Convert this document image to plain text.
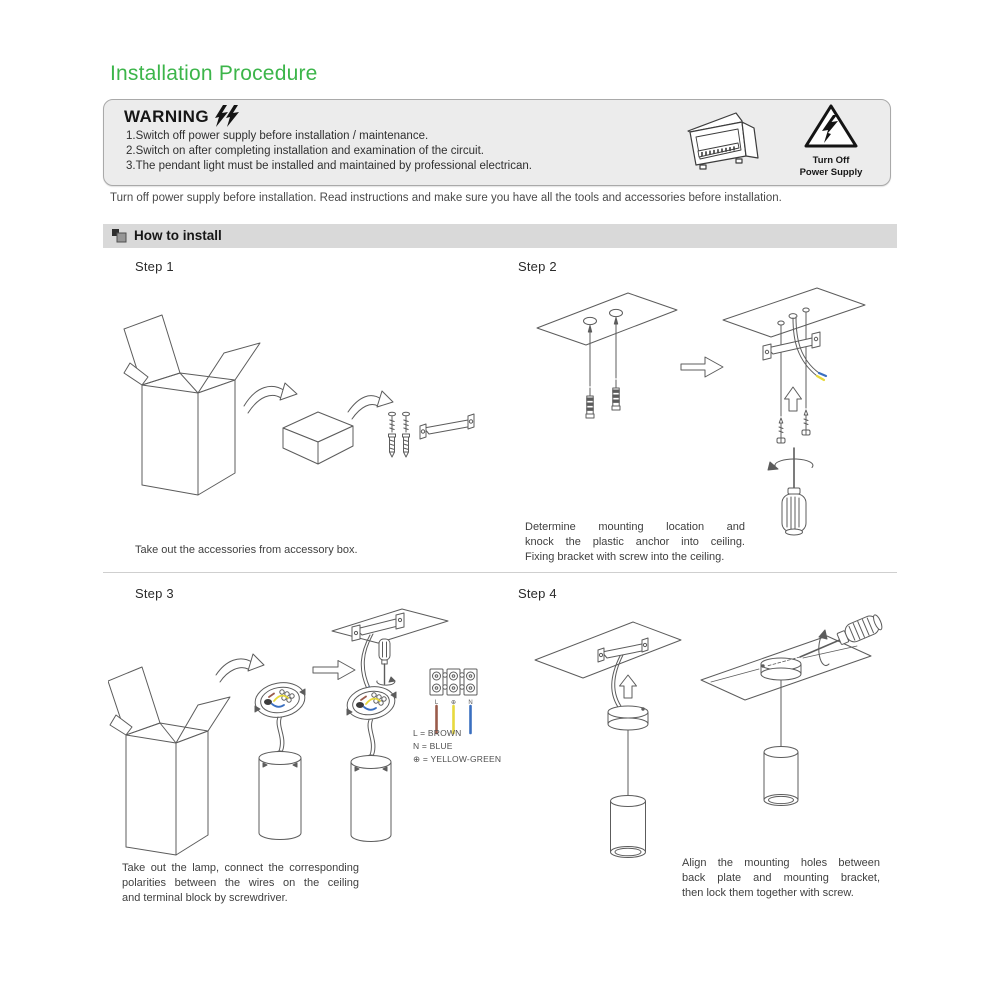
Installation Procedure
WARNING
1.Switch off power supply before installation / maintenance.
2.Switch on after completing installation and examination of the circuit.
3.The pendant light must be installed and maintained by professional electrican.	Turn Off
Power Supply
Turn off power supply before installation. Read instructions and make sure you have all the tools and accessories before installation.
How to install
Step 1	Step 2
Step 3	Step 4
Take out the accessories from accessory box.
Determine mounting location and
knock the plastic anchor into ceiling.
Fixing bracket with screw into the ceiling.
L ⊕ N
L = BROWN
N = BLUE
⊕ = YELLOW-GREEN
Take out the lamp, connect the corresponding
polarities between the wires on the ceiling
and terminal block by screwdriver.
Align the mounting holes between
back plate and mounting bracket,
then lock them together with screw.
